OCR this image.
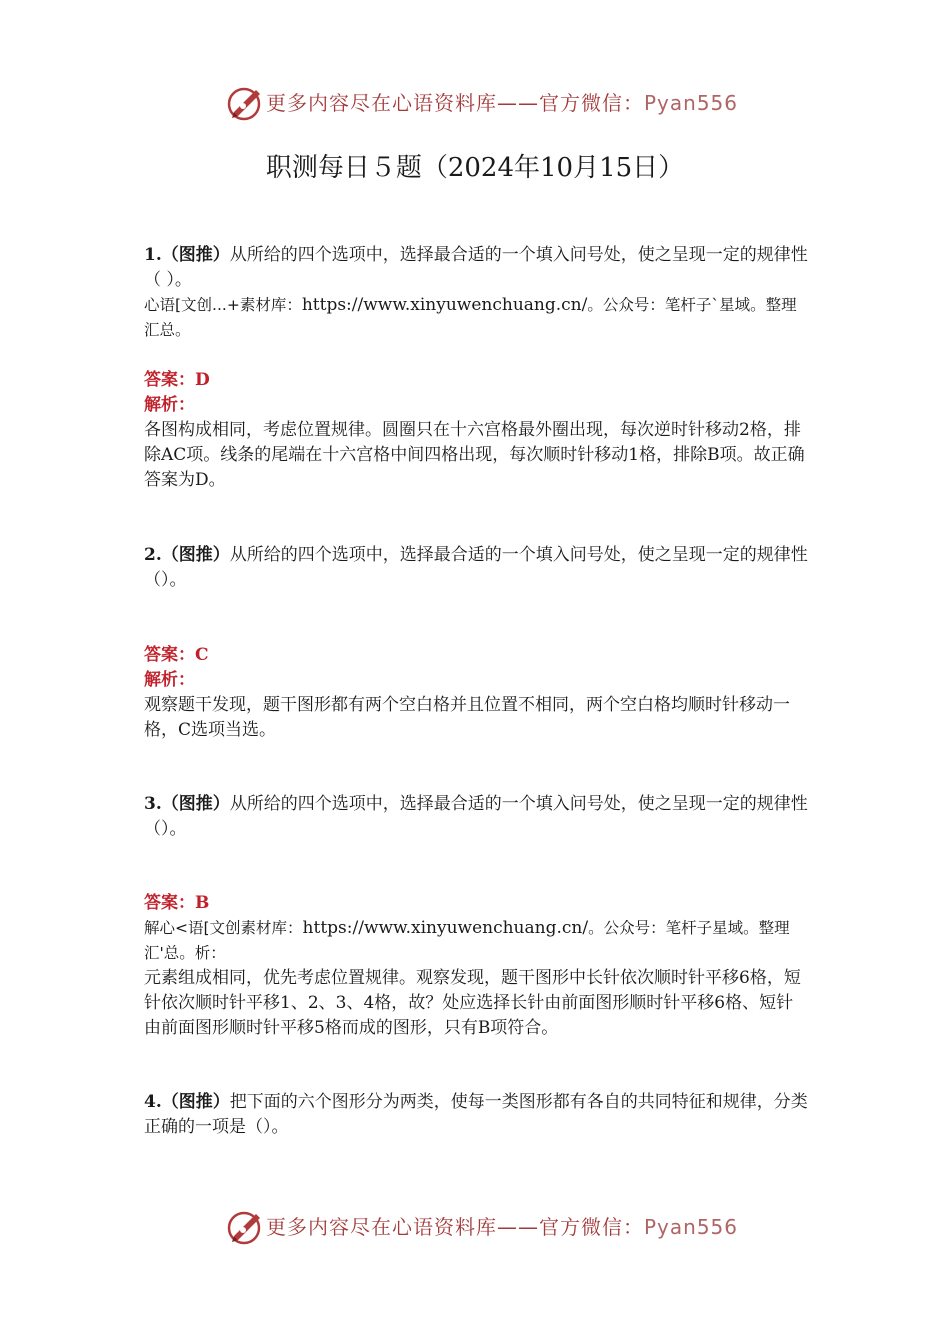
更多内容尽在心语资料库——官方微信：Pyan556
职测每日５题（2024年10月15日）

1.（图推）从所给的四个选项中，选择最合适的一个填入问号处，使之呈现一定的规律性（ ）。

心语[文创...+素材库：https://www.xinyuwenchuang.cn/。公众号：笔杆子`星域。整理汇总。

答案：D

解析：

各图构成相同，考虑位置规律。圆圈只在十六宫格最外圈出现，每次逆时针移动2格，排除AC项。线条的尾端在十六宫格中间四格出现，每次顺时针移动1格，排除B项。故正确答案为D。

2.（图推）从所给的四个选项中，选择最合适的一个填入问号处，使之呈现一定的规律性（）。

答案：C

解析：

观察题干发现，题干图形都有两个空白格并且位置不相同，两个空白格均顺时针移动一格，C选项当选。

3.（图推）从所给的四个选项中，选择最合适的一个填入问号处，使之呈现一定的规律性（）。

答案：B

解心<语[文创素材库：https://www.xinyuwenchuang.cn/。公众号：笔杆子星域。整理汇'总。析：

元素组成相同，优先考虑位置规律。观察发现，题干图形中长针依次顺时针平移6格，短针依次顺时针平移1、2、3、4格，故？处应选择长针由前面图形顺时针平移6格、短针由前面图形顺时针平移5格而成的图形，只有B项符合。

4.（图推）把下面的六个图形分为两类，使每一类图形都有各自的共同特征和规律，分类正确的一项是（）。

更多内容尽在心语资料库——官方微信：Pyan556
